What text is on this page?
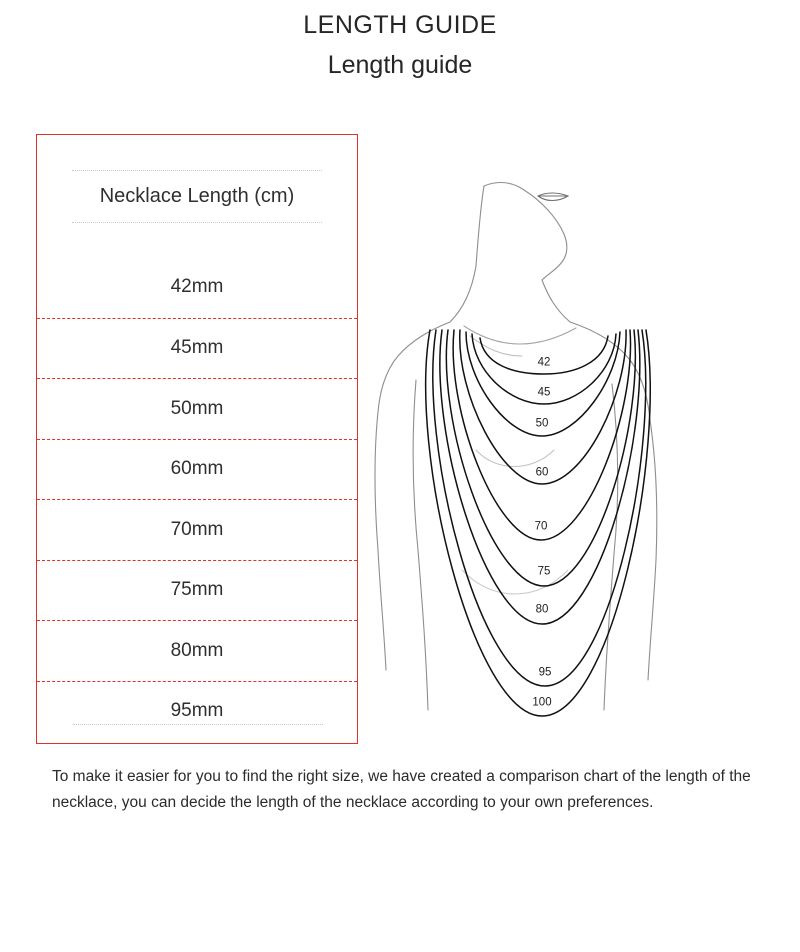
LENGTH GUIDE
Length guide
Necklace Length (cm)
42mm
45mm
50mm
60mm
70mm
75mm
80mm
95mm
42
45
50
60
70
75
80
95
100
To make it easier for you to find the right size, we have created a comparison chart of the length of the necklace, you can decide the length of the necklace according to your own preferences.
